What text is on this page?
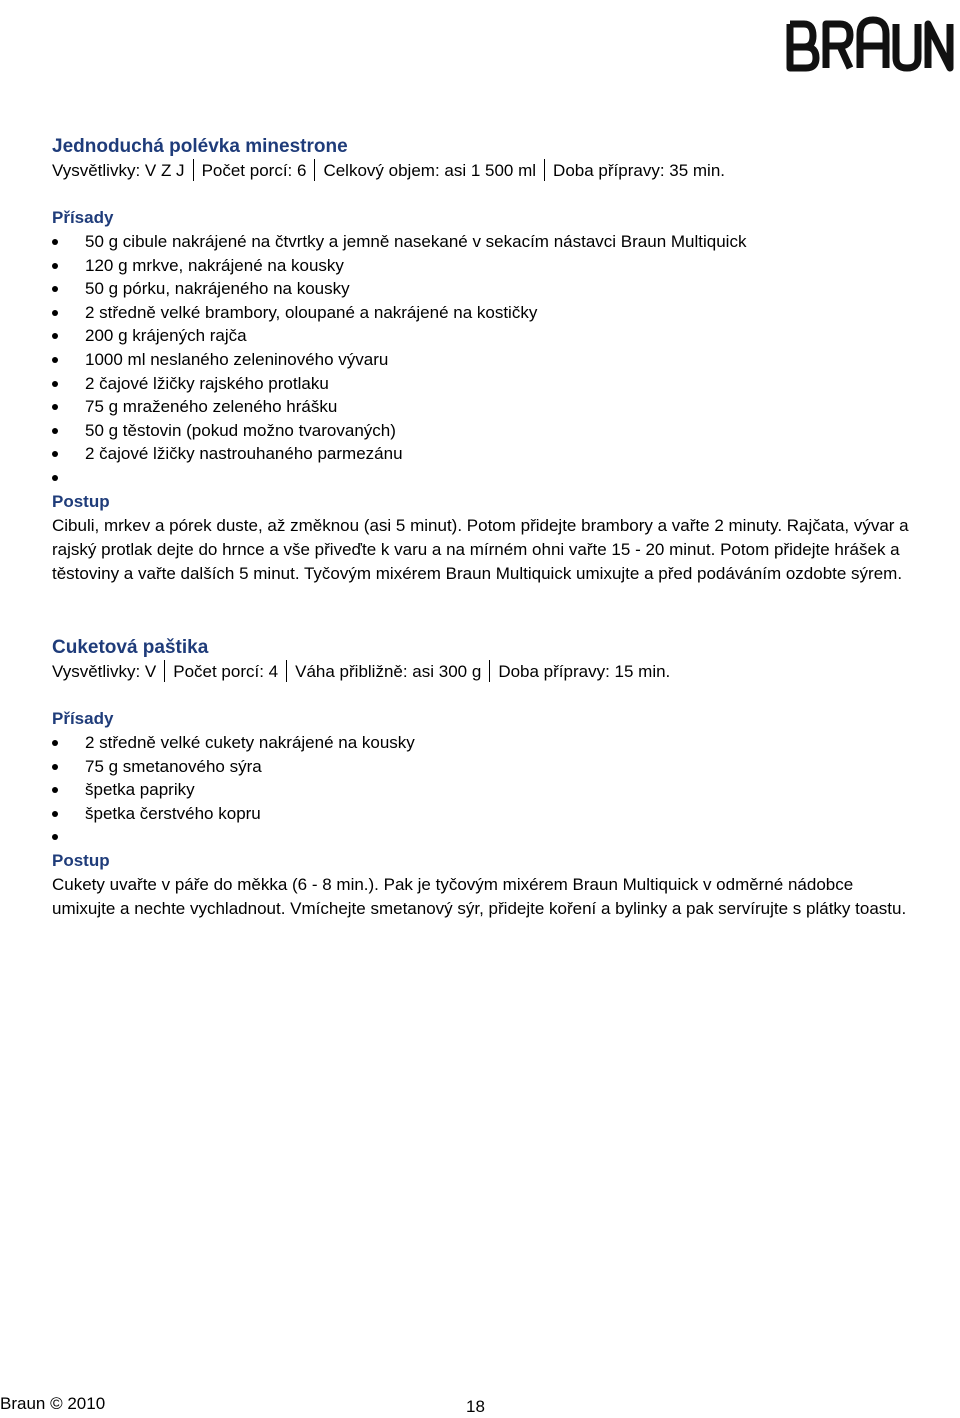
Jednoduchá polévka minestrone
Vysvětlivky: V Z J Počet porcí: 6 Celkový objem: asi 1 500 ml Doba přípravy: 35 min.
Přísady
50 g cibule nakrájené na čtvrtky a jemně nasekané v sekacím nástavci Braun Multiquick
120 g mrkve, nakrájené na kousky
50 g pórku, nakrájeného na kousky
2 středně velké brambory, oloupané a nakrájené na kostičky
200 g krájených rajča
1000 ml neslaného zeleninového vývaru
2 čajové lžičky rajského protlaku
75 g mraženého zeleného hrášku
50 g těstovin (pokud možno tvarovaných)
2 čajové lžičky nastrouhaného parmezánu
Postup
Cibuli, mrkev a pórek duste, až změknou (asi 5 minut). Potom přidejte brambory a vařte 2 minuty. Rajčata, vývar a rajský protlak dejte do hrnce a vše přiveďte k varu a na mírném ohni vařte 15 - 20 minut. Potom přidejte hrášek a těstoviny a vařte dalších 5 minut. Tyčovým mixérem Braun Multiquick umixujte a před podáváním ozdobte sýrem.
Cuketová paštika
Vysvětlivky: V Počet porcí: 4 Váha přibližně: asi 300 g Doba přípravy: 15 min.
Přísady
2 středně velké cukety nakrájené na kousky
75 g smetanového sýra
špetka papriky
špetka čerstvého kopru
Postup
Cukety uvařte v páře do měkka (6 - 8 min.). Pak je tyčovým mixérem Braun Multiquick v odměrné nádobce umixujte a nechte vychladnout. Vmíchejte smetanový sýr, přidejte koření a bylinky a pak servírujte s plátky toastu.
Braun © 2010	18
